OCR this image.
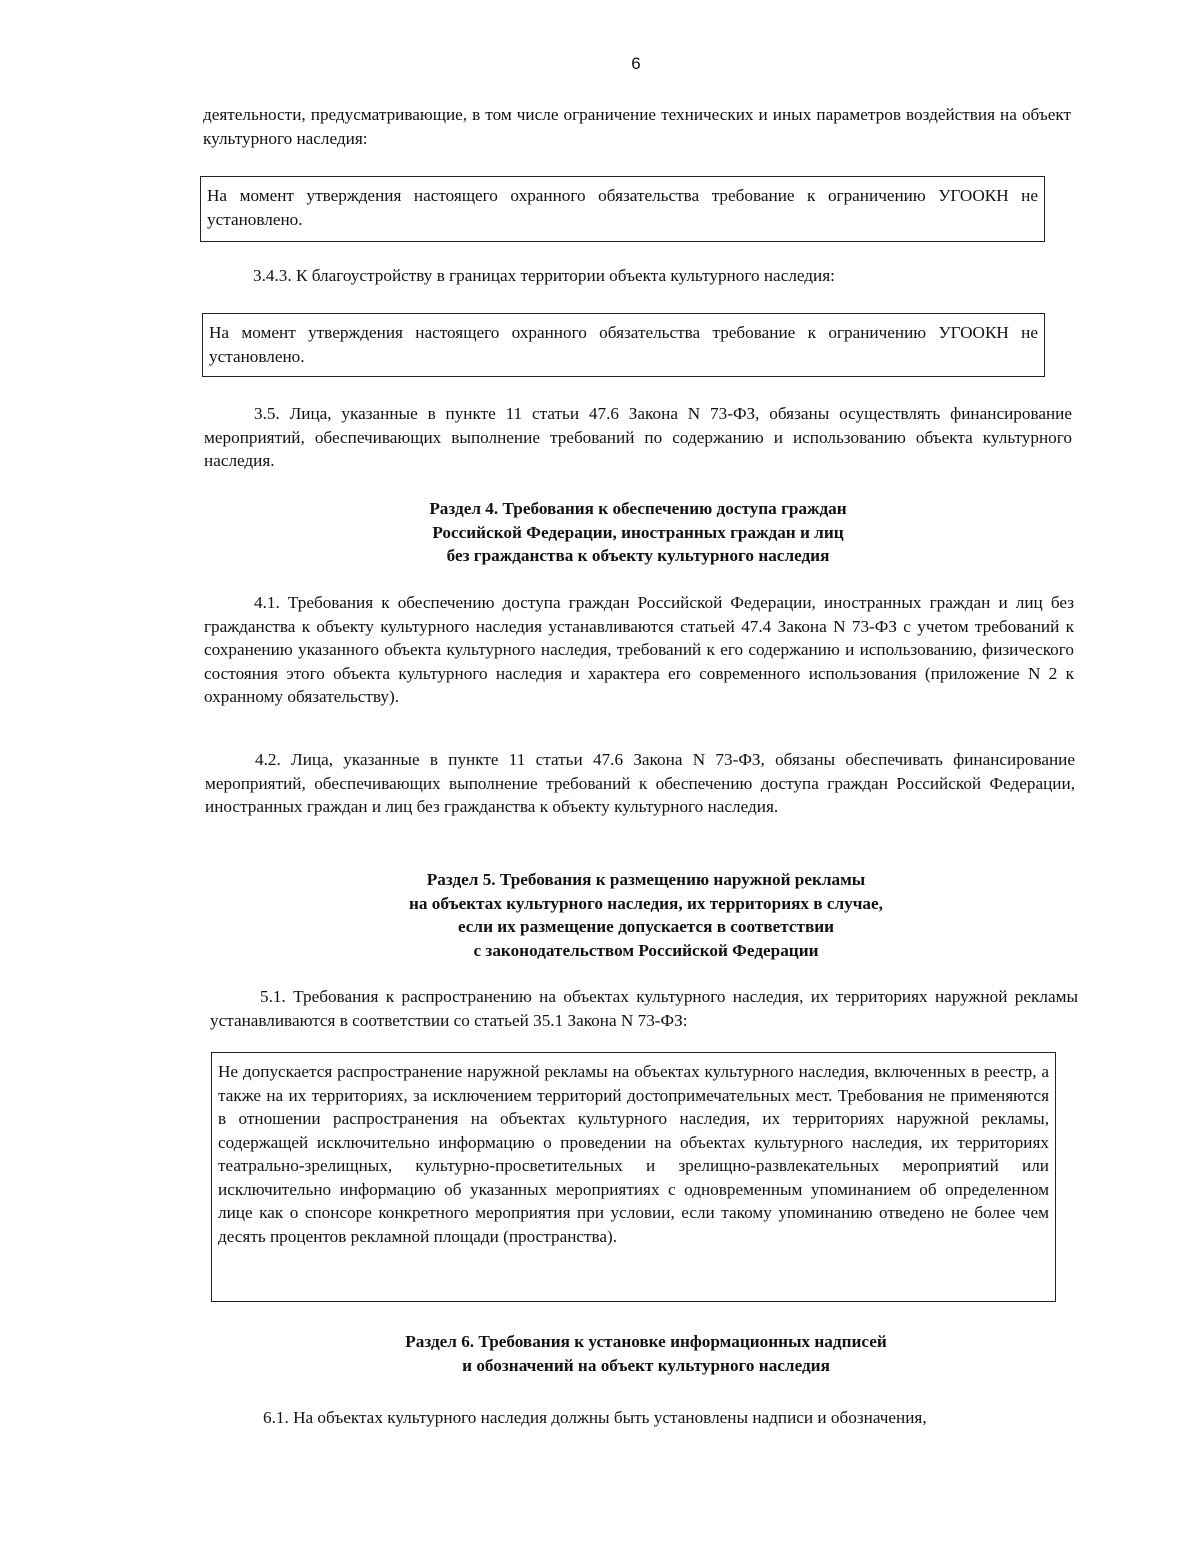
6

деятельности, предусматривающие, в том числе ограничение технических и иных параметров воздействия на объект культурного наследия:

На момент утверждения настоящего охранного обязательства требование к ограничению УГООКН не установлено.

3.4.3. К благоустройству в границах территории объекта культурного наследия:

На момент утверждения настоящего охранного обязательства требование к ограничению УГООКН не установлено.

3.5. Лица, указанные в пункте 11 статьи 47.6 Закона N 73-ФЗ, обязаны осуществлять финансирование мероприятий, обеспечивающих выполнение требований по содержанию и использованию объекта культурного наследия.

Раздел 4. Требования к обеспечению доступа граждан
Российской Федерации, иностранных граждан и лиц
без гражданства к объекту культурного наследия

4.1. Требования к обеспечению доступа граждан Российской Федерации, иностранных граждан и лиц без гражданства к объекту культурного наследия устанавливаются статьей 47.4 Закона N 73-ФЗ с учетом требований к сохранению указанного объекта культурного наследия, требований к его содержанию и использованию, физического состояния этого объекта культурного наследия и характера его современного использования (приложение N 2 к охранному обязательству).

4.2. Лица, указанные в пункте 11 статьи 47.6 Закона N 73-ФЗ, обязаны обеспечивать финансирование мероприятий, обеспечивающих выполнение требований к обеспечению доступа граждан Российской Федерации, иностранных граждан и лиц без гражданства к объекту культурного наследия.

Раздел 5. Требования к размещению наружной рекламы
на объектах культурного наследия, их территориях в случае,
если их размещение допускается в соответствии
с законодательством Российской Федерации

5.1. Требования к распространению на объектах культурного наследия, их территориях наружной рекламы устанавливаются в соответствии со статьей 35.1 Закона N 73-ФЗ:

Не допускается распространение наружной рекламы на объектах культурного наследия, включенных в реестр, а также на их территориях, за исключением территорий достопримечательных мест. Требования не применяются в отношении распространения на объектах культурного наследия, их территориях наружной рекламы, содержащей исключительно информацию о проведении на объектах культурного наследия, их территориях театрально-зрелищных, культурно-просветительных и зрелищно-развлекательных мероприятий или исключительно информацию об указанных мероприятиях с одновременным упоминанием об определенном лице как о спонсоре конкретного мероприятия при условии, если такому упоминанию отведено не более чем десять процентов рекламной площади (пространства).
Раздел 6. Требования к установке информационных надписей
и обозначений на объект культурного наследия

6.1. На объектах культурного наследия должны быть установлены надписи и обозначения,
